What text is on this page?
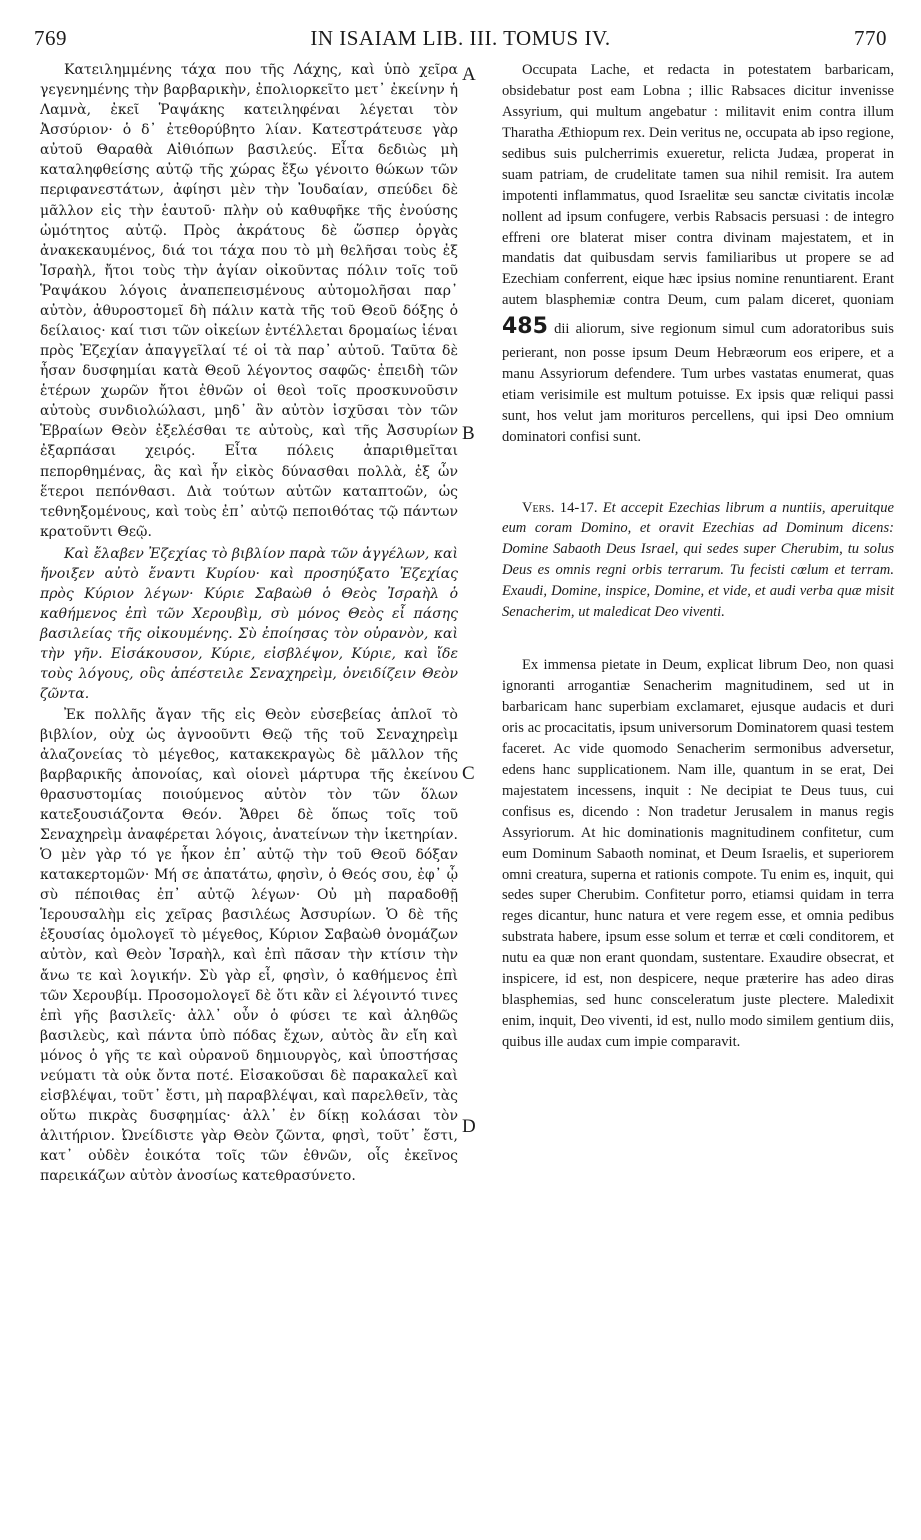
769	IN ISAIAM LIB. III. TOMUS IV.	770

Κατειλημμένης τάχα που τῆς Λάχης, καὶ ὑπὸ χεῖρα γεγενημένης τὴν βαρβαρικὴν, ἐπολιορκεῖτο μετ᾽ ἐκείνην ἡ Λαμνὰ, ἐκεῖ Ῥαψάκης κατειληφέναι λέγεται τὸν Ἀσσύριον· ὁ δ᾽ ἐτεθορύβητο λίαν. Κατεστράτευσε γὰρ αὐτοῦ Θαραθὰ Αἰθιόπων βασιλεύς. Εἶτα δεδιὼς μὴ καταληφθείσης αὐτῷ τῆς χώρας ἔξω γένοιτο θώκων τῶν περιφανεστάτων, ἀφίησι μὲν τὴν Ἰουδαίαν, σπεύδει δὲ μᾶλλον εἰς τὴν ἑαυτοῦ· πλὴν οὐ καθυφῆκε τῆς ἐνούσης ὠμότητος αὐτῷ. Πρὸς ἀκράτους δὲ ὥσπερ ὀργὰς ἀνακεκαυμένος, διά τοι τάχα που τὸ μὴ θελῆσαι τοὺς ἐξ Ἰσραὴλ, ἤτοι τοὺς τὴν ἁγίαν οἰκοῦντας πόλιν τοῖς τοῦ Ῥαψάκου λόγοις ἀναπεπεισμένους αὐτομολῆσαι παρ᾽ αὐτὸν, ἀθυροστομεῖ δὴ πάλιν κατὰ τῆς τοῦ Θεοῦ δόξης ὁ δείλαιος· καί τισι τῶν οἰκείων ἐντέλλεται δρομαίως ἰέναι πρὸς Ἐζεχίαν ἀπαγγεῖλαί τέ οἱ τὰ παρ᾽ αὐτοῦ. Ταῦτα δὲ ἦσαν δυσφημίαι κατὰ Θεοῦ λέγοντος σαφῶς· ἐπειδὴ τῶν ἑτέρων χωρῶν ἤτοι ἐθνῶν οἱ θεοὶ τοῖς προσκυνοῦσιν αὐτοὺς συνδιολώλασι, μηδ᾽ ἂν αὐτὸν ἰσχῦσαι τὸν τῶν Ἑβραίων Θεὸν ἐξελέσθαι τε αὐτοὺς, καὶ τῆς Ἀσσυρίων ἐξαρπάσαι χειρός. Εἶτα πόλεις ἀπαριθμεῖται πεπορθημένας, ἃς καὶ ἦν εἰκὸς δύνασθαι πολλὰ, ἐξ ὧν ἕτεροι πεπόνθασι. Διὰ τούτων αὐτῶν καταπτοῶν, ὡς τεθνηξομένους, καὶ τοὺς ἐπ᾽ αὐτῷ πεποιθότας τῷ πάντων κρατοῦντι Θεῷ.

Καὶ ἔλαβεν Ἐζεχίας τὸ βιβλίον παρὰ τῶν ἀγγέλων, καὶ ἤνοιξεν αὐτὸ ἔναντι Κυρίου· καὶ προσηύξατο Ἐζεχίας πρὸς Κύριον λέγων· Κύριε Σαβαὼθ ὁ Θεὸς Ἰσραὴλ ὁ καθήμενος ἐπὶ τῶν Χερουβὶμ, σὺ μόνος Θεὸς εἶ πάσης βασιλείας τῆς οἰκουμένης. Σὺ ἐποίησας τὸν οὐρανὸν, καὶ τὴν γῆν. Εἰσάκουσον, Κύριε, εἰσβλέψον, Κύριε, καὶ ἴδε τοὺς λόγους, οὓς ἀπέστειλε Σεναχηρεὶμ, ὀνειδίζειν Θεὸν ζῶντα.

Ἐκ πολλῆς ἄγαν τῆς εἰς Θεὸν εὐσεβείας ἁπλοῖ τὸ βιβλίον, οὐχ ὡς ἀγνοοῦντι Θεῷ τῆς τοῦ Σεναχηρεὶμ ἀλαζονείας τὸ μέγεθος, κατακεκραγὼς δὲ μᾶλλον τῆς βαρβαρικῆς ἀπονοίας, καὶ οἱονεὶ μάρτυρα τῆς ἐκείνου θρασυστομίας ποιούμενος αὐτὸν τὸν τῶν ὅλων κατεξουσιάζοντα Θεόν. Ἄθρει δὲ ὅπως τοῖς τοῦ Σεναχηρεὶμ ἀναφέρεται λόγοις, ἀνατείνων τὴν ἱκετηρίαν. Ὁ μὲν γὰρ τό γε ἧκον ἐπ᾽ αὐτῷ τὴν τοῦ Θεοῦ δόξαν κατακερτομῶν· Μή σε ἀπατάτω, φησὶν, ὁ Θεός σου, ἐφ᾽ ᾧ σὺ πέποιθας ἐπ᾽ αὐτῷ λέγων· Οὐ μὴ παραδοθῇ Ἱερουσαλὴμ εἰς χεῖρας βασιλέως Ἀσσυρίων. Ὁ δὲ τῆς ἐξουσίας ὁμολογεῖ τὸ μέγεθος, Κύριον Σαβαὼθ ὀνομάζων αὐτὸν, καὶ Θεὸν Ἰσραὴλ, καὶ ἐπὶ πᾶσαν τὴν κτίσιν τὴν ἄνω τε καὶ λογικήν. Σὺ γὰρ εἶ, φησὶν, ὁ καθήμενος ἐπὶ τῶν Χερουβίμ. Προσομολογεῖ δὲ ὅτι κἂν εἰ λέγοιντό τινες ἐπὶ γῆς βασιλεῖς· ἀλλ᾽ οὖν ὁ φύσει τε καὶ ἀληθῶς βασιλεὺς, καὶ πάντα ὑπὸ πόδας ἔχων, αὐτὸς ἂν εἴη καὶ μόνος ὁ γῆς τε καὶ οὐρανοῦ δημιουργὸς, καὶ ὑποστήσας νεύματι τὰ οὐκ ὄντα ποτέ. Εἰσακοῦσαι δὲ παρακαλεῖ καὶ εἰσβλέψαι, τοῦτ᾽ ἔστι, μὴ παραβλέψαι, καὶ παρελθεῖν, τὰς οὕτω πικρὰς δυσφημίας· ἀλλ᾽ ἐν δίκῃ κολάσαι τὸν ἀλιτήριον. Ὠνείδιστε γὰρ Θεὸν ζῶντα, φησὶ, τοῦτ᾽ ἔστι, κατ᾽ οὐδὲν ἐοικότα τοῖς τῶν ἐθνῶν, οἷς ἐκεῖνος παρεικάζων αὐτὸν ἀνοσίως κατεθρασύνετο.

A
B
C
D

Occupata Lache, et redacta in potestatem barbaricam, obsidebatur post eam Lobna ; illic Rabsaces dicitur invenisse Assyrium, qui multum angebatur : militavit enim contra illum Tharatha Æthiopum rex. Dein veritus ne, occupata ab ipso regione, sedibus suis pulcherrimis exueretur, relicta Judæa, properat in suam patriam, de crudelitate tamen sua nihil remisit. Ira autem impotenti inflammatus, quod Israelitæ seu sanctæ civitatis incolæ nollent ad ipsum confugere, verbis Rabsacis persuasi : de integro effreni ore blaterat miser contra divinam majestatem, et in mandatis dat quibusdam servis familiaribus ut propere se ad Ezechiam conferrent, eique hæc ipsius nomine renuntiarent. Erant autem blasphemiæ contra Deum, cum palam diceret, quoniam 485 dii aliorum, sive regionum simul cum adoratoribus suis perierant, non posse ipsum Deum Hebræorum eos eripere, et a manu Assyriorum defendere. Tum urbes vastatas enumerat, quas etiam verisimile est multum potuisse. Ex ipsis quæ reliqui passi sunt, hos velut jam morituros percellens, qui ipsi Deo omnium dominatori confisi sunt.

Vers. 14-17. Et accepit Ezechias librum a nuntiis, aperuitque eum coram Domino, et oravit Ezechias ad Dominum dicens: Domine Sabaoth Deus Israel, qui sedes super Cherubim, tu solus Deus es omnis regni orbis terrarum. Tu fecisti cœlum et terram. Exaudi, Domine, inspice, Domine, et vide, et audi verba quæ misit Senacherim, ut maledicat Deo viventi.

Ex immensa pietate in Deum, explicat librum Deo, non quasi ignoranti arrogantiæ Senacherim magnitudinem, sed ut in barbaricam hanc superbiam exclamaret, ejusque audacis et duri oris ac procacitatis, ipsum universorum Dominatorem quasi testem faceret. Ac vide quomodo Senacherim sermonibus adversetur, edens hanc supplicationem. Nam ille, quantum in se erat, Dei majestatem incessens, inquit : Ne decipiat te Deus tuus, cui confisus es, dicendo : Non tradetur Jerusalem in manus regis Assyriorum. At hic dominationis magnitudinem confitetur, cum eum Dominum Sabaoth nominat, et Deum Israelis, et superiorem omni creatura, superna et rationis compote. Tu enim es, inquit, qui sedes super Cherubim. Confitetur porro, etiamsi quidam in terra reges dicantur, hunc natura et vere regem esse, et omnia pedibus substrata habere, ipsum esse solum et terræ et cœli conditorem, et nutu ea quæ non erant quondam, sustentare. Exaudire obsecrat, et inspicere, id est, non despicere, neque præterire has adeo diras blasphemias, sed hunc consceleratum juste plectere. Maledixit enim, inquit, Deo viventi, id est, nullo modo similem gentium diis, quibus ille audax cum impie comparavit.
